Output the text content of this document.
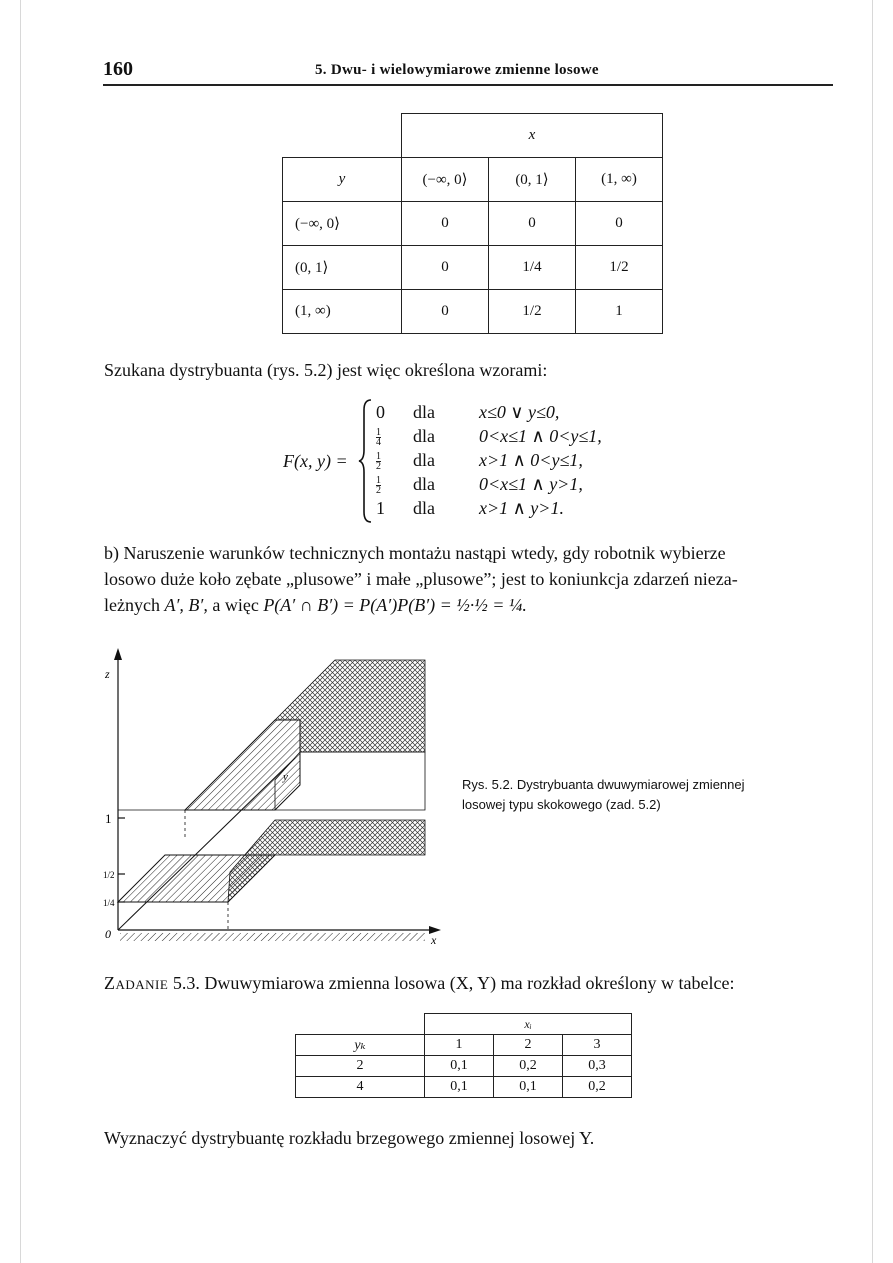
160	5. Dwu- i wielowymiarowe zmienne losowe
	x		
y	(−∞, 0⟩	(0, 1⟩	(1, ∞)
(−∞, 0⟩	0	0	0
(0, 1⟩	0	1/4	1/2
(1, ∞)	0	1/2	1
Szukana dystrybuanta (rys. 5.2) jest więc określona wzorami:
F(x, y) =
0	dla	x≤0 ∨ y≤0,
$\frac{1}{4}$ dla	0<x≤1 ∧ 0<y≤1,
$\frac{1}{2}$ dla	x>1 ∧ 0<y≤1,
$\frac{1}{2}$ dla	0<x≤1 ∧ y>1,
1	dla	x>1 ∧ y>1.
b) Naruszenie warunków technicznych montażu nastąpi wtedy, gdy robotnik wybierze
losowo duże koło zębate „plusowe” i małe „plusowe”; jest to koniunkcja zdarzeń nieza-
leżnych A′, B′, a więc P(A′ ∩ B′) = P(A′)P(B′) = ½·½ = ¼.
z
x
y
0
1
1/2
1/4
Rys. 5.2. Dystrybuanta dwuwymiarowej zmiennej
losowej typu skokowego (zad. 5.2)
Zadanie 5.3. Dwuwymiarowa zmienna losowa (X, Y) ma rozkład określony w tabelce:
	xᵢ		
yₖ	1	2	3
2	0,1	0,2	0,3
4	0,1	0,1	0,2
Wyznaczyć dystrybuantę rozkładu brzegowego zmiennej losowej Y.
